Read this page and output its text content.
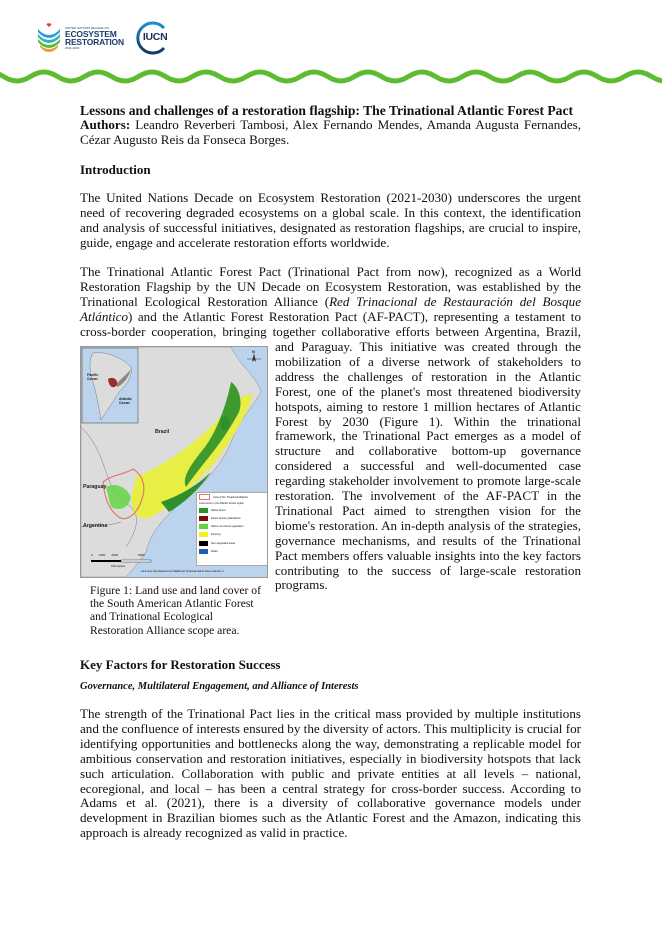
UNITED NATIONS DECADE ON
ECOSYSTEM
RESTORATION
2021-2030
IUCN

Lessons and challenges of a restoration flagship: The Trinational Atlantic Forest Pact

Authors: Leandro Reverberi Tambosi, Alex Fernando Mendes, Amanda Augusta Fernandes, Cézar Augusto Reis da Fonseca Borges.

Introduction

The United Nations Decade on Ecosystem Restoration (2021-2030) underscores the urgent need of recovering degraded ecosystems on a global scale. In this context, the identification and analysis of successful initiatives, designated as restoration flagships, are crucial to inspire, guide, engage and accelerate restoration efforts worldwide.

The Trinational Atlantic Forest Pact (Trinational Pact from now), recognized as a World Restoration Flagship by the UN Decade on Ecosystem Restoration, was established by the Trinational Ecological Restoration Alliance (Red Trinacional de Restauración del Bosque Atlántico) and the Atlantic Forest Restoration Pact (AF-PACT), representing a testament to cross-border cooperation, bringing together collaborative efforts between Argentina, Brazil, and Paraguay. This initiative was created through the mobilization of a diverse network of stakeholders to address the challenges of restoration in the Atlantic Forest, one of the planet's most threatened biodiversity hotspots, aiming to restore 1 million hectares of Atlantic Forest by 2030 (Figure 1). Within the trinational framework, the Trinational Pact emerges as a model of structure and collaborative bottom-up governance considered a successful and well-documented case regarding stakeholder involvement to promote large-scale restoration. The involvement of the AF-PACT in the Trinational Pact aimed to strengthen vision for the biome's restoration. An in-depth analysis of the strategies, governance mechanisms, and results of the Trinational Pact members offers valuable insights into the key factors contributing to the success of large-scale restoration programs.

Pacific Ocean
Atlantic Ocean
Brazil
Paraguay
Argentina
N
Area of the Trinational Alliance
Land cover in the Atlantic Forest region
Native forest
Exotic forestry plantations
Native non-forest vegetation
Farming
Non-vegetated areas
Water
0 1250 2500	5000
Kilometers
Land cover data obtained from MapBiomas Trinational Atlantic Forest collection 4

Figure 1: Land use and land cover of the South American Atlantic Forest and Trinational Ecological Restoration Alliance scope area.

Key Factors for Restoration Success
Governance, Multilateral Engagement, and Alliance of Interests

The strength of the Trinational Pact lies in the critical mass provided by multiple institutions and the confluence of interests ensured by the diversity of actors. This multiplicity is crucial for identifying opportunities and bottlenecks along the way, demonstrating a replicable model for ambitious conservation and restoration initiatives, especially in biodiversity hotspots that lack such articulation. Collaboration with public and private entities at all levels – national, ecoregional, and local – has been a central strategy for cross-border success. According to Adams et al. (2021), there is a diversity of collaborative governance models under development in Brazilian biomes such as the Atlantic Forest and the Amazon, indicating this approach is already recognized as valid in practice.
